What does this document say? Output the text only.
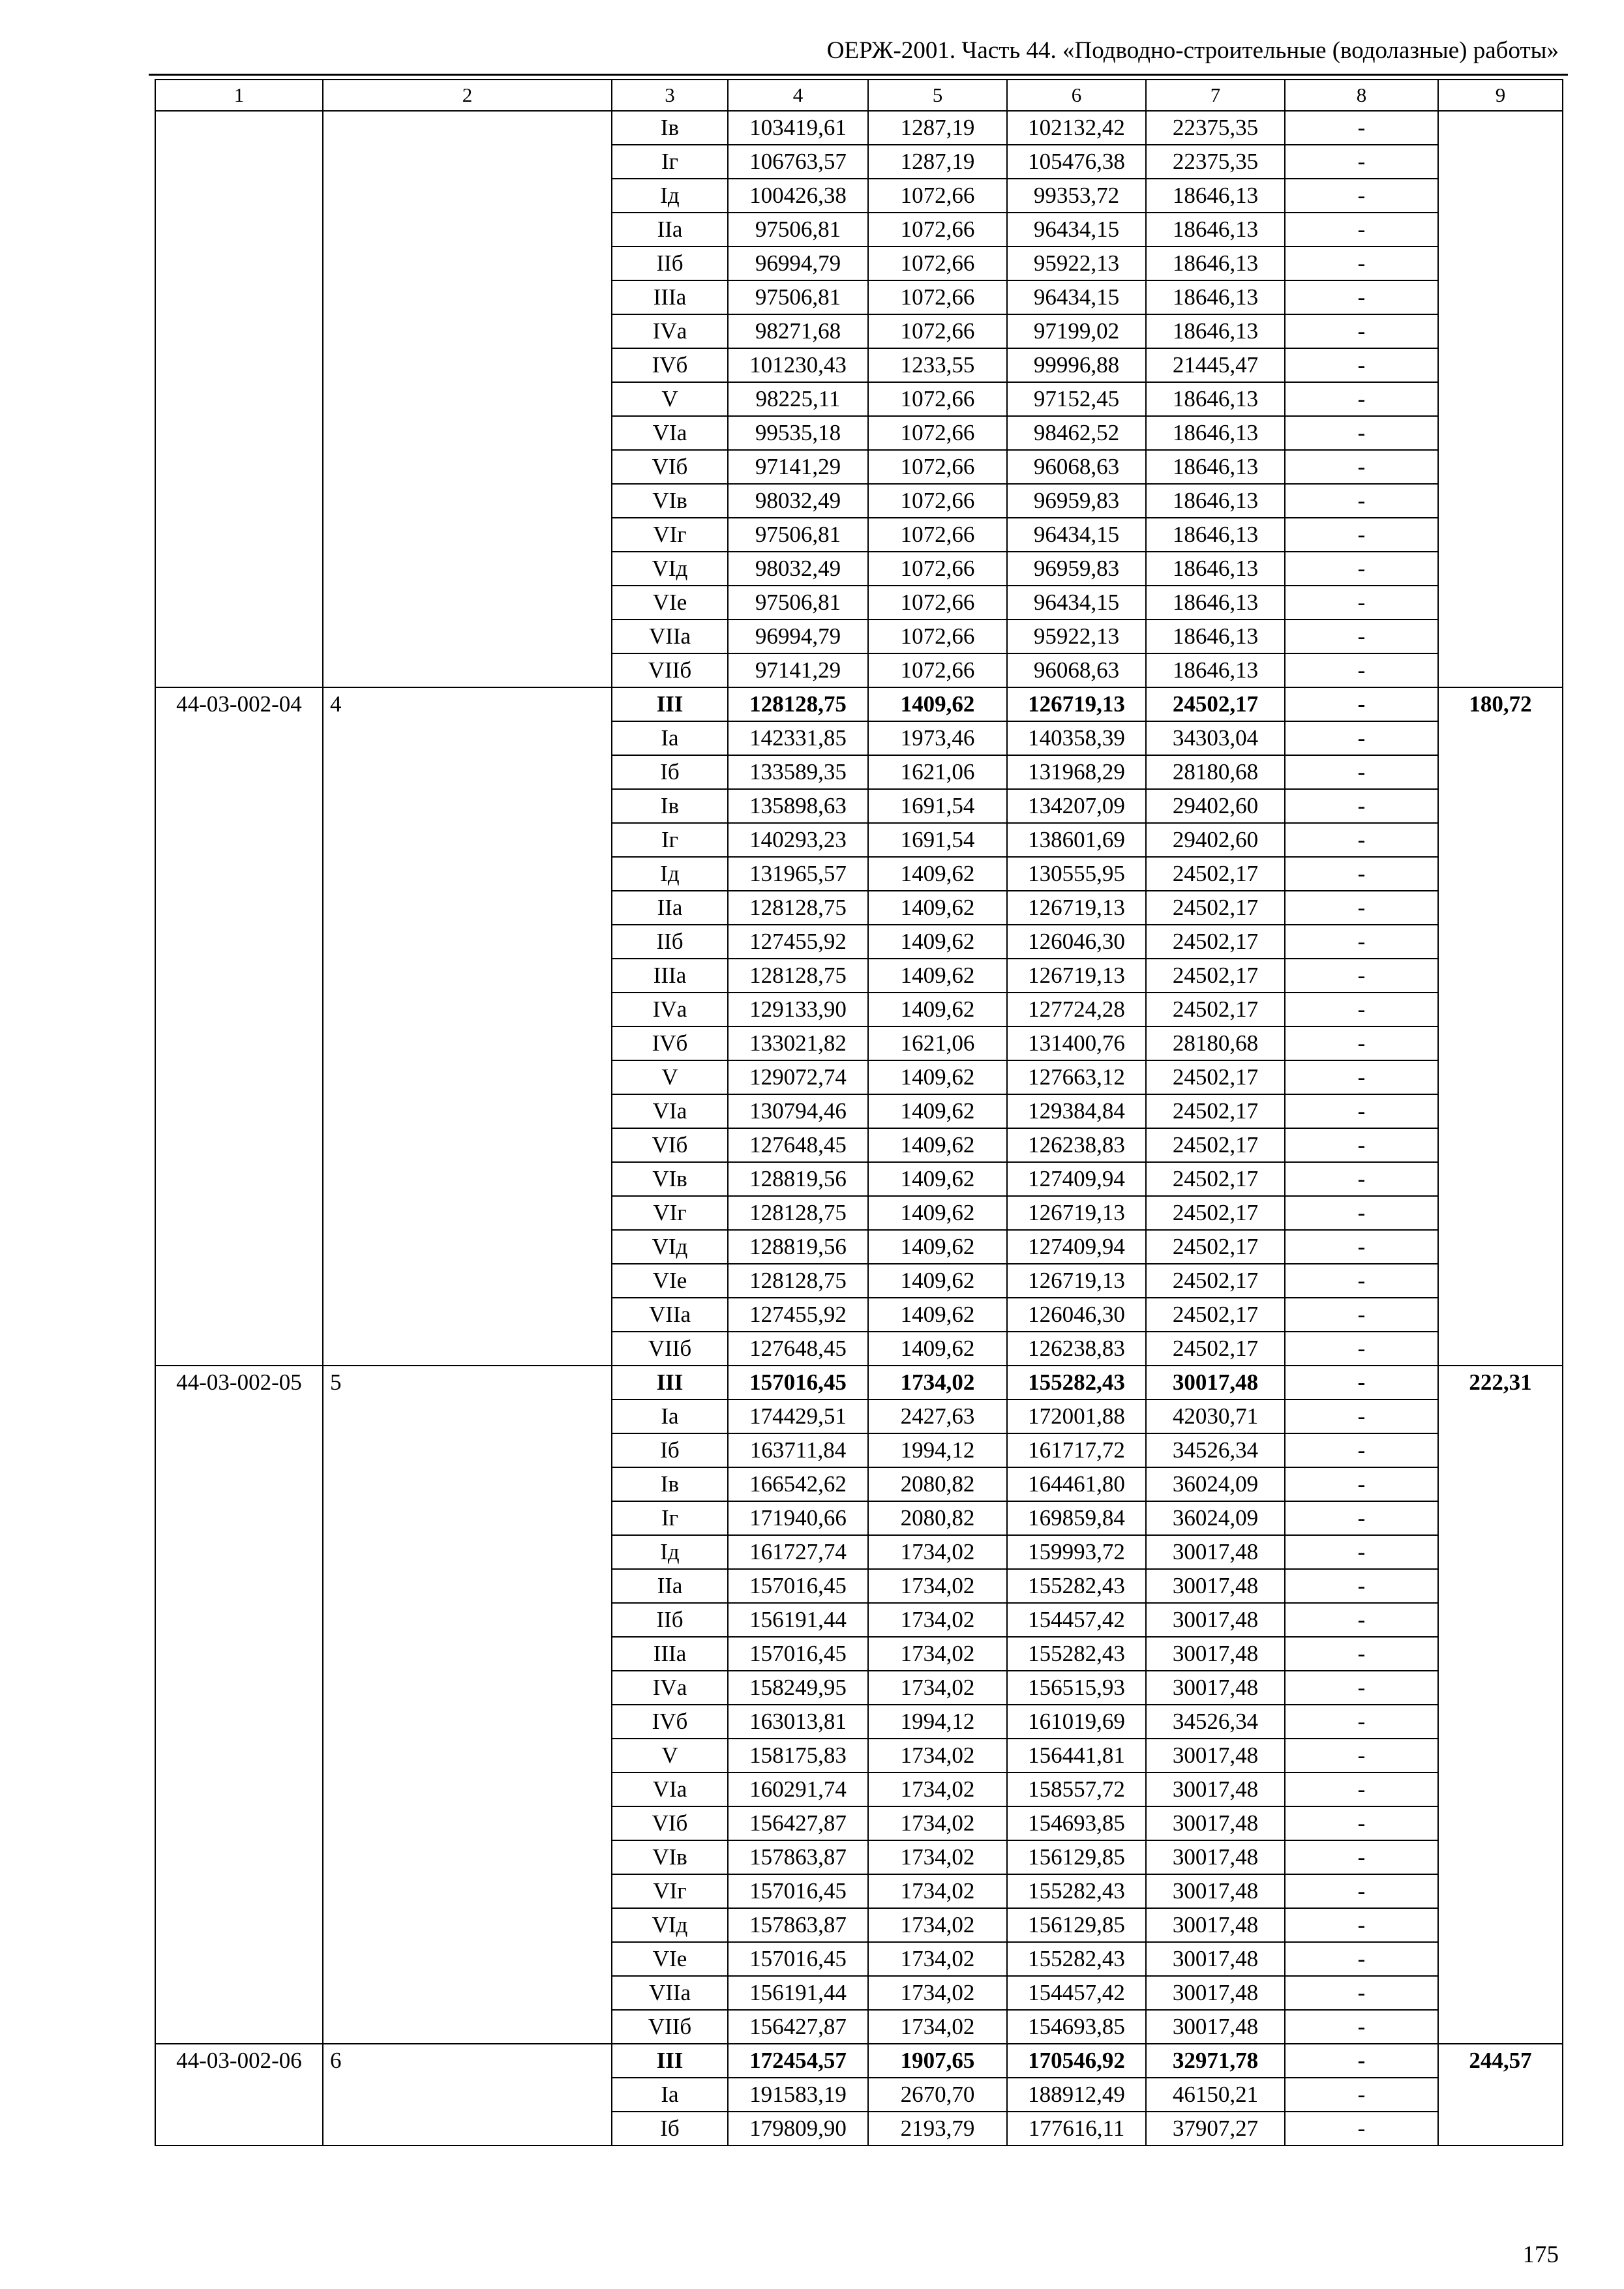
ОЕРЖ-2001. Часть 44. «Подводно-строительные (водолазные) работы»
1	2	3	4	5	6	7	8	9
		Iв	103419,61	1287,19	102132,42	22375,35	-	
		Iг	106763,57	1287,19	105476,38	22375,35	-	
		Iд	100426,38	1072,66	99353,72	18646,13	-	
		IIа	97506,81	1072,66	96434,15	18646,13	-	
		IIб	96994,79	1072,66	95922,13	18646,13	-	
		IIIа	97506,81	1072,66	96434,15	18646,13	-	
		IVа	98271,68	1072,66	97199,02	18646,13	-	
		IVб	101230,43	1233,55	99996,88	21445,47	-	
		V	98225,11	1072,66	97152,45	18646,13	-	
		VIа	99535,18	1072,66	98462,52	18646,13	-	
		VIб	97141,29	1072,66	96068,63	18646,13	-	
		VIв	98032,49	1072,66	96959,83	18646,13	-	
		VIг	97506,81	1072,66	96434,15	18646,13	-	
		VIд	98032,49	1072,66	96959,83	18646,13	-	
		VIе	97506,81	1072,66	96434,15	18646,13	-	
		VIIа	96994,79	1072,66	95922,13	18646,13	-	
		VIIб	97141,29	1072,66	96068,63	18646,13	-	
44-03-002-04	4	III	128128,75	1409,62	126719,13	24502,17	-	180,72
		Iа	142331,85	1973,46	140358,39	34303,04	-	
		Iб	133589,35	1621,06	131968,29	28180,68	-	
		Iв	135898,63	1691,54	134207,09	29402,60	-	
		Iг	140293,23	1691,54	138601,69	29402,60	-	
		Iд	131965,57	1409,62	130555,95	24502,17	-	
		IIа	128128,75	1409,62	126719,13	24502,17	-	
		IIб	127455,92	1409,62	126046,30	24502,17	-	
		IIIа	128128,75	1409,62	126719,13	24502,17	-	
		IVа	129133,90	1409,62	127724,28	24502,17	-	
		IVб	133021,82	1621,06	131400,76	28180,68	-	
		V	129072,74	1409,62	127663,12	24502,17	-	
		VIа	130794,46	1409,62	129384,84	24502,17	-	
		VIб	127648,45	1409,62	126238,83	24502,17	-	
		VIв	128819,56	1409,62	127409,94	24502,17	-	
		VIг	128128,75	1409,62	126719,13	24502,17	-	
		VIд	128819,56	1409,62	127409,94	24502,17	-	
		VIе	128128,75	1409,62	126719,13	24502,17	-	
		VIIа	127455,92	1409,62	126046,30	24502,17	-	
		VIIб	127648,45	1409,62	126238,83	24502,17	-	
44-03-002-05	5	III	157016,45	1734,02	155282,43	30017,48	-	222,31
		Iа	174429,51	2427,63	172001,88	42030,71	-	
		Iб	163711,84	1994,12	161717,72	34526,34	-	
		Iв	166542,62	2080,82	164461,80	36024,09	-	
		Iг	171940,66	2080,82	169859,84	36024,09	-	
		Iд	161727,74	1734,02	159993,72	30017,48	-	
		IIа	157016,45	1734,02	155282,43	30017,48	-	
		IIб	156191,44	1734,02	154457,42	30017,48	-	
		IIIа	157016,45	1734,02	155282,43	30017,48	-	
		IVа	158249,95	1734,02	156515,93	30017,48	-	
		IVб	163013,81	1994,12	161019,69	34526,34	-	
		V	158175,83	1734,02	156441,81	30017,48	-	
		VIа	160291,74	1734,02	158557,72	30017,48	-	
		VIб	156427,87	1734,02	154693,85	30017,48	-	
		VIв	157863,87	1734,02	156129,85	30017,48	-	
		VIг	157016,45	1734,02	155282,43	30017,48	-	
		VIд	157863,87	1734,02	156129,85	30017,48	-	
		VIе	157016,45	1734,02	155282,43	30017,48	-	
		VIIа	156191,44	1734,02	154457,42	30017,48	-	
		VIIб	156427,87	1734,02	154693,85	30017,48	-	
44-03-002-06	6	III	172454,57	1907,65	170546,92	32971,78	-	244,57
		Iа	191583,19	2670,70	188912,49	46150,21	-	
		Iб	179809,90	2193,79	177616,11	37907,27	-	
175
